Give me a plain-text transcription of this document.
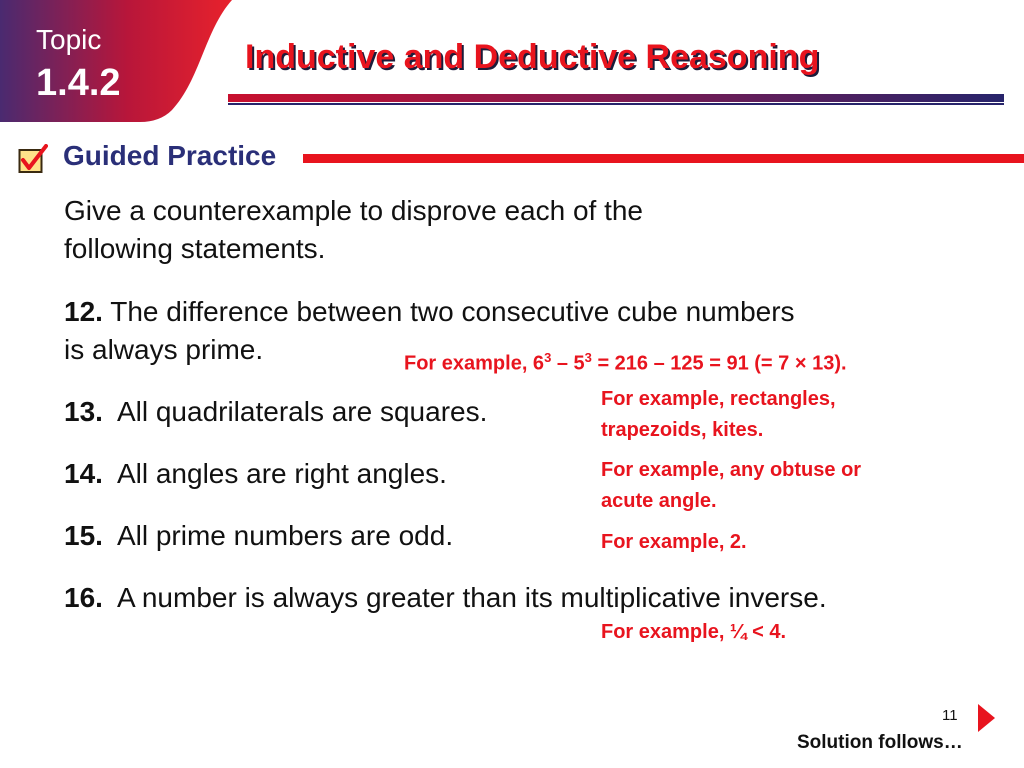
Topic
1.4.2
Inductive and Deductive Reasoning
Guided Practice
Give a counterexample to disprove each of the
following statements.
12. The difference between two consecutive cube numbers
is always prime.
13. All quadrilaterals are squares.
14. All angles are right angles.
15. All prime numbers are odd.
16. A number is always greater than its multiplicative inverse.
For example, $6^3 - 5^3 = 216 - 125 = 91$ (= 7 × 13).
For example, rectangles,
trapezoids, kites.
For example, any obtuse or
acute angle.
For example, 2.
For example, ¼ < 4.
11
Solution follows…
